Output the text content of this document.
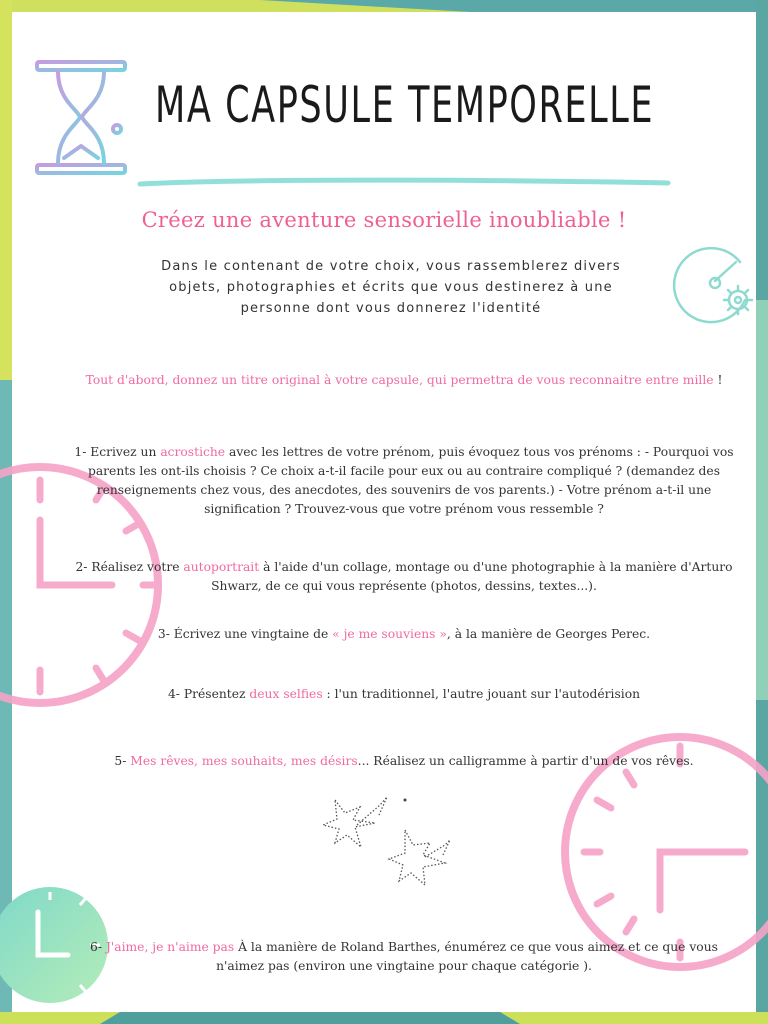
MA CAPSULE TEMPORELLE
Créez une aventure sensorielle inoubliable !
Dans le contenant de votre choix, vous rassemblerez divers objets, photographies et écrits que vous destinerez à une personne dont vous donnerez l'identité
Tout d'abord, donnez un titre original à votre capsule, qui permettra de vous reconnaitre entre mille !
1- Ecrivez un acrostiche avec les lettres de votre prénom, puis évoquez tous vos prénoms : - Pourquoi vos parents les ont-ils choisis ? Ce choix a-t-il facile pour eux ou au contraire compliqué ? (demandez des renseignements chez vous, des anecdotes, des souvenirs de vos parents.) - Votre prénom a-t-il une signification ? Trouvez-vous que votre prénom vous ressemble ?
2- Réalisez votre autoportrait à l'aide d'un collage, montage ou d'une photographie à la manière d'Arturo Shwarz, de ce qui vous représente (photos, dessins, textes...).
3- Écrivez une vingtaine de « je me souviens », à la manière de Georges Perec.
4- Présentez deux selfies : l'un traditionnel, l'autre jouant sur l'autodérision
5- Mes rêves, mes souhaits, mes désirs... Réalisez un calligramme à partir d'un de vos rêves.
6- J'aime, je n'aime pas À la manière de Roland Barthes, énumérez ce que vous aimez et ce que vous n'aimez pas (environ une vingtaine pour chaque catégorie ).
